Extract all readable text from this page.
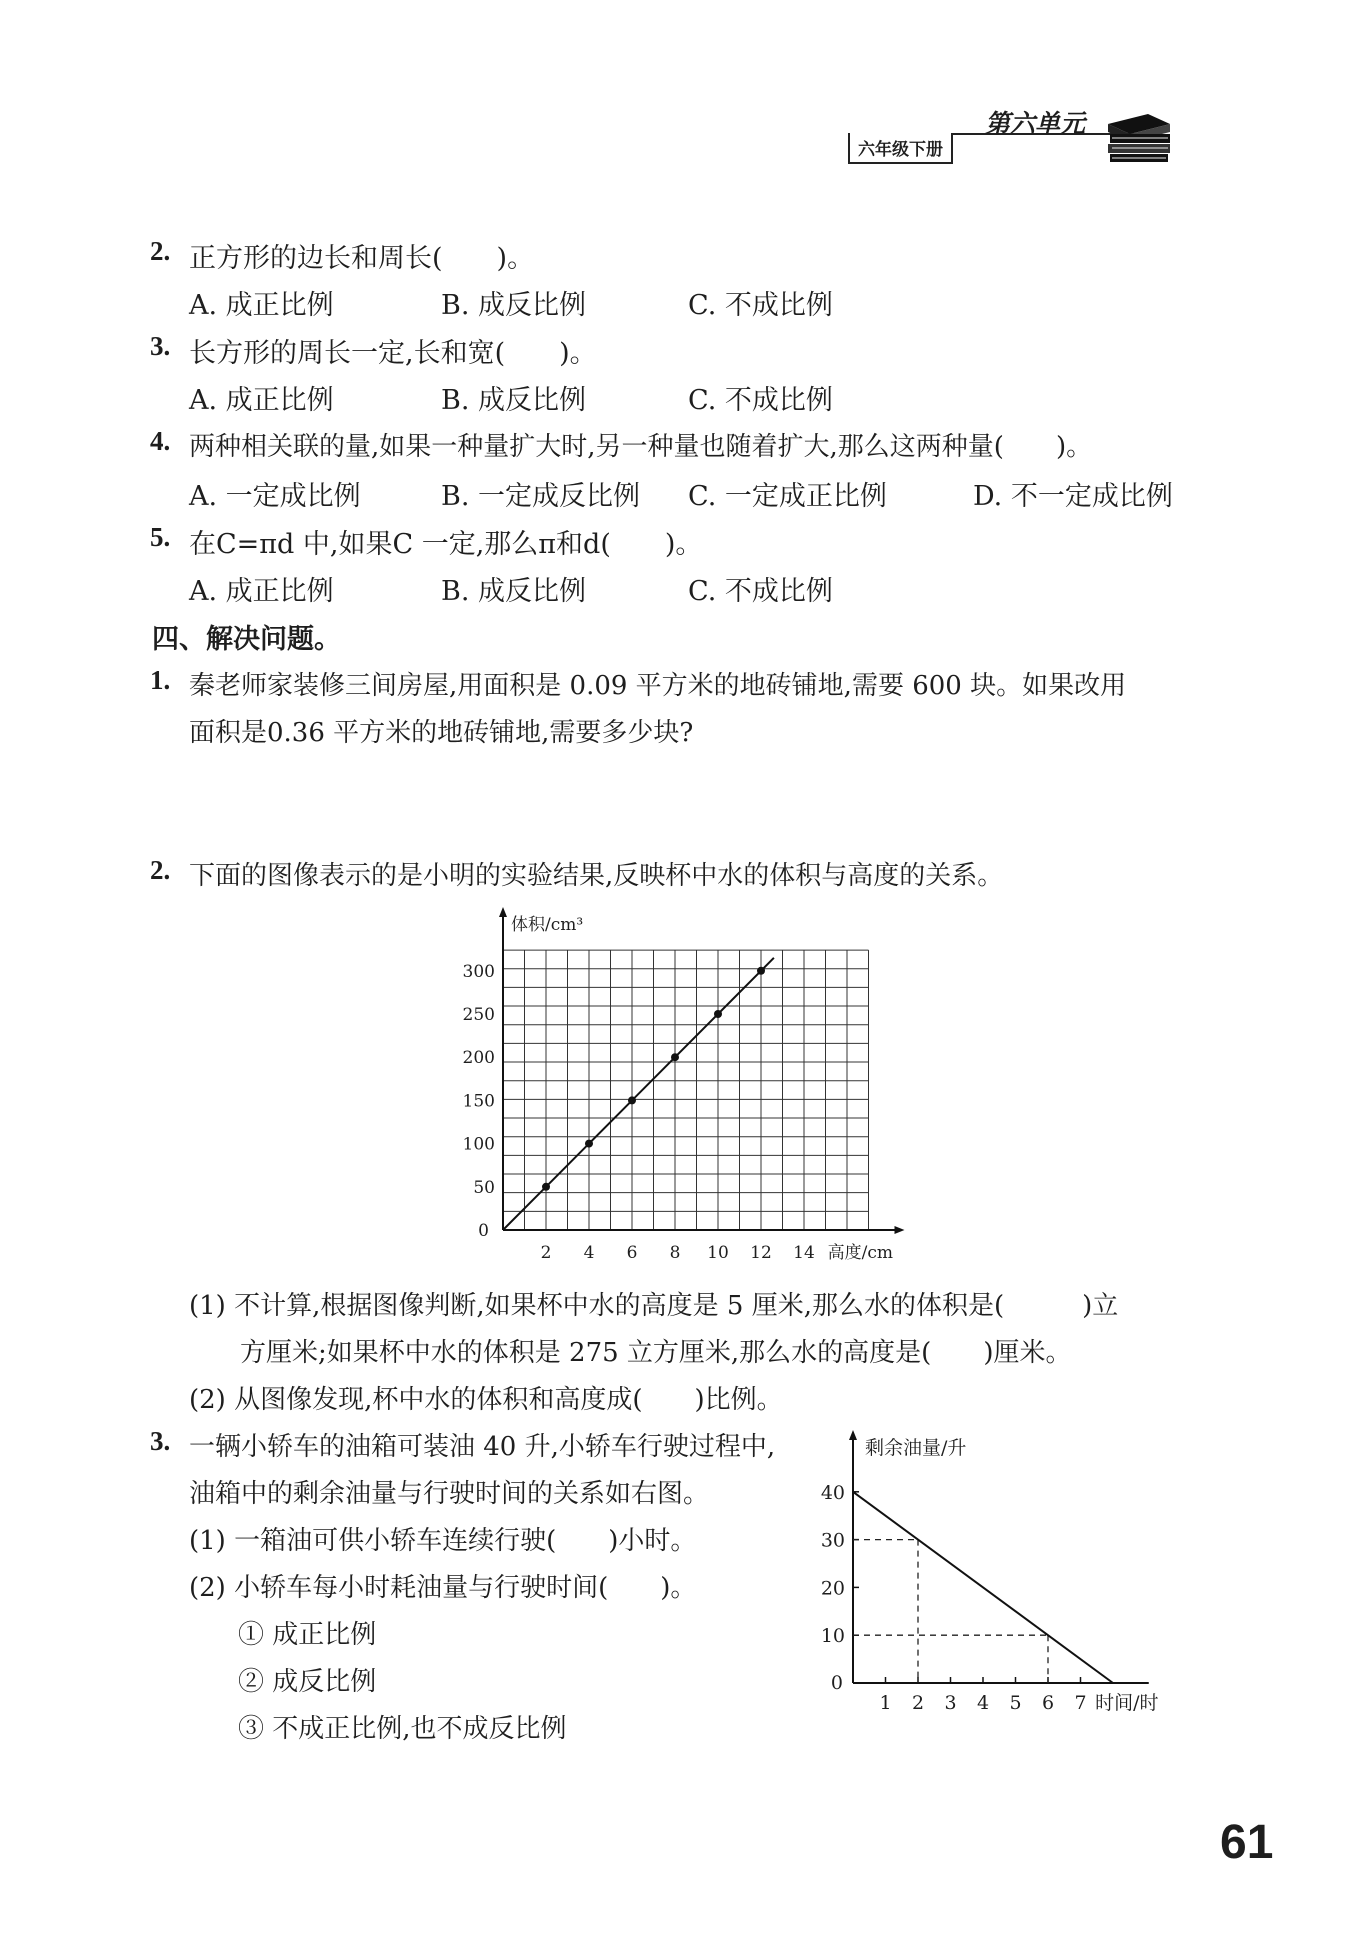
六年级下册
第六单元
2. 正方形的边长和周长(　　)。
A. 成正比例	B. 成反比例	C. 不成比例
3. 长方形的周长一定,长和宽(　　)。
A. 成正比例	B. 成反比例	C. 不成比例
4. 两种相关联的量,如果一种量扩大时,另一种量也随着扩大,那么这两种量(　　)。
A. 一定成比例	B. 一定成反比例 C. 一定成正比例	D. 不一定成比例
5. 在C=πd 中,如果C 一定,那么π和d(　　)。
A. 成正比例	B. 成反比例	C. 不成比例
四、解决问题。
1. 秦老师家装修三间房屋,用面积是 0.09 平方米的地砖铺地,需要 600 块。如果改用
面积是0.36 平方米的地砖铺地,需要多少块?
2. 下面的图像表示的是小明的实验结果,反映杯中水的体积与高度的关系。
2 4 6 8 10 12 14
50
100
150
200
250
300
0
高度/cm
体积/cm³
(1) 不计算,根据图像判断,如果杯中水的高度是 5 厘米,那么水的体积是(　　　)立
方厘米;如果杯中水的体积是 275 立方厘米,那么水的高度是(　　)厘米。
(2) 从图像发现,杯中水的体积和高度成(　　)比例。
3. 一辆小轿车的油箱可装油 40 升,小轿车行驶过程中,
油箱中的剩余油量与行驶时间的关系如右图。
(1) 一箱油可供小轿车连续行驶(　　)小时。
(2) 小轿车每小时耗油量与行驶时间(　　)。
① 成正比例
② 成反比例
③ 不成正比例,也不成反比例
1 2 3 4 5 6 7
10
20
30
40
0
时间/时
剩余油量/升
61
